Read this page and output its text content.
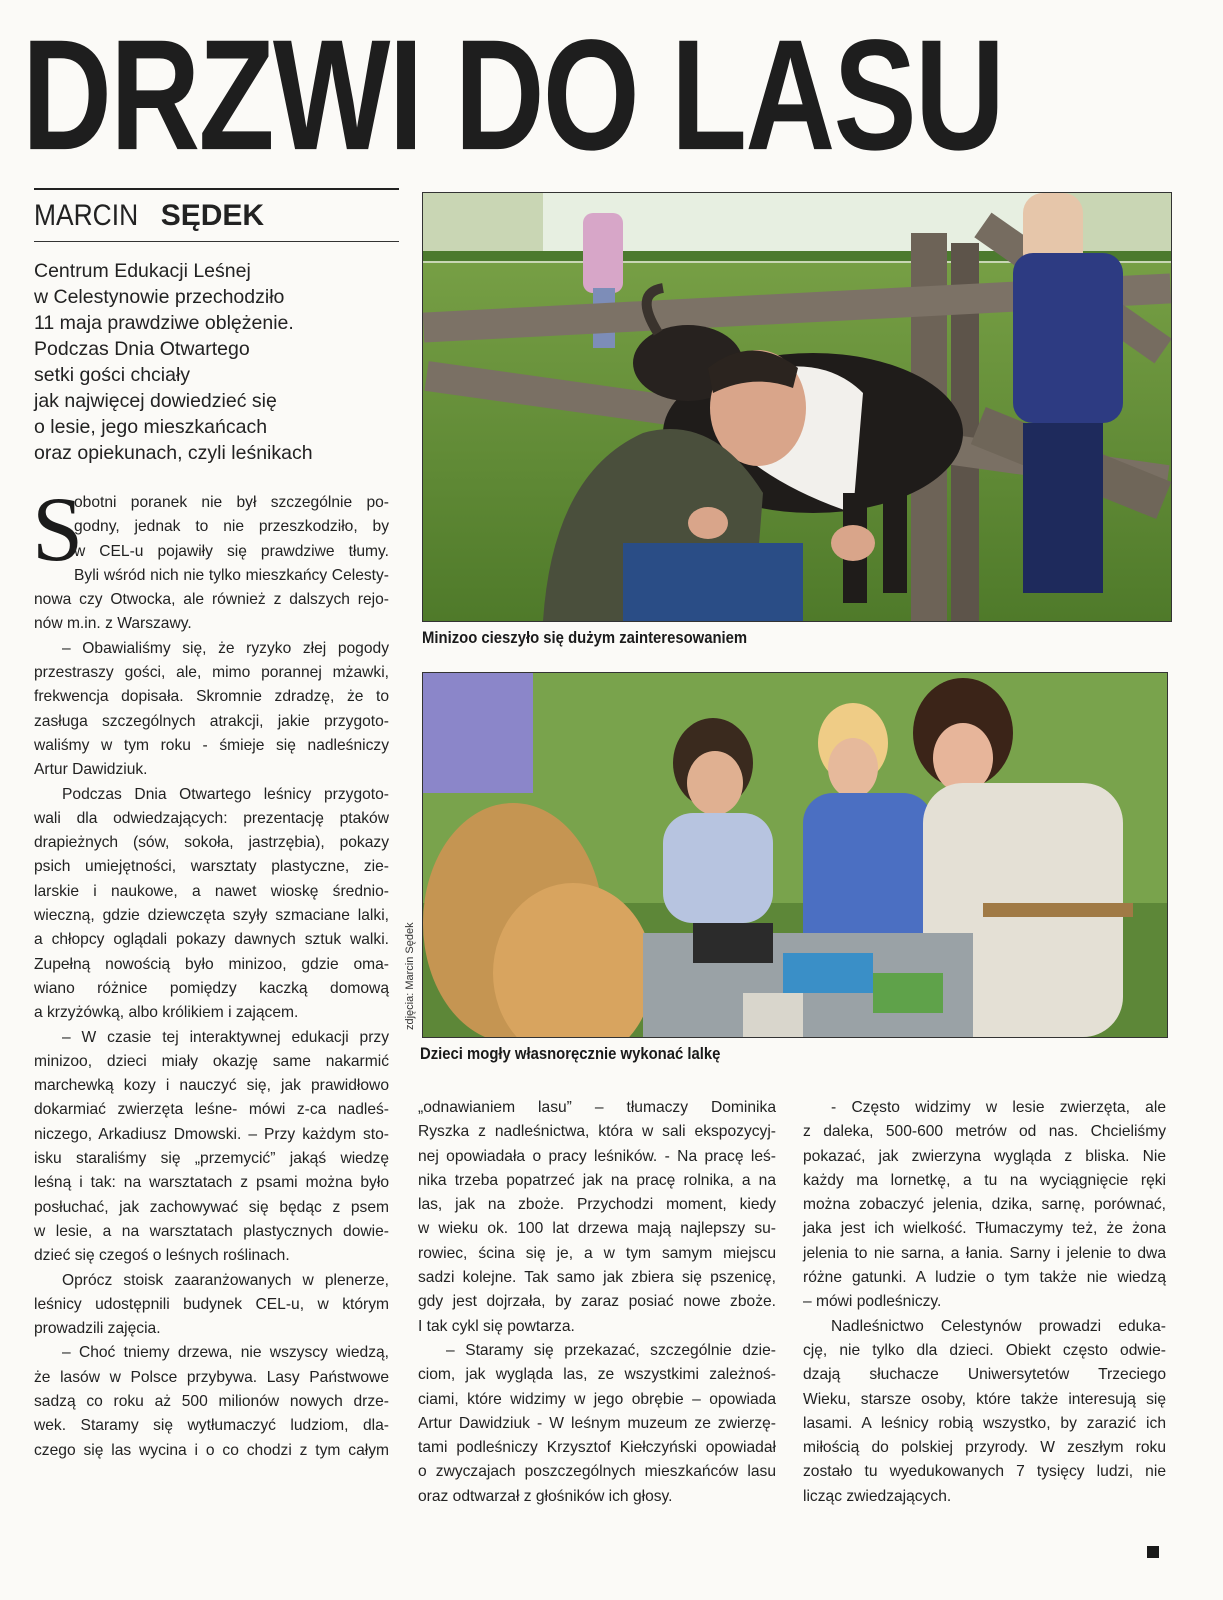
DRZWI DO LASU
MARCIN SĘDEK
Centrum Edukacji Leśnej
w Celestynowie przechodziło
11 maja prawdziwe oblężenie.
Podczas Dnia Otwartego
setki gości chciały
jak najwięcej dowiedzieć się
o lesie, jego mieszkańcach
oraz opiekunach, czyli leśnikach
S
obotni poranek nie był szczególnie po-
godny, jednak to nie przeszkodziło, by
w CEL-u pojawiły się prawdziwe tłumy.
Byli wśród nich nie tylko mieszkańcy Celesty-
nowa czy Otwocka, ale również z dalszych rejo-
nów m.in. z Warszawy.
– Obawialiśmy się, że ryzyko złej pogody
przestraszy gości, ale, mimo porannej mżawki,
frekwencja dopisała. Skromnie zdradzę, że to
zasługa szczególnych atrakcji, jakie przygoto-
waliśmy w tym roku - śmieje się nadleśniczy
Artur Dawidziuk.
Podczas Dnia Otwartego leśnicy przygoto-
wali dla odwiedzających: prezentację ptaków
drapieżnych (sów, sokoła, jastrzębia), pokazy
psich umiejętności, warsztaty plastyczne, zie-
larskie i naukowe, a nawet wioskę średnio-
wieczną, gdzie dziewczęta szyły szmaciane lalki,
a chłopcy oglądali pokazy dawnych sztuk walki.
Zupełną nowością było minizoo, gdzie oma-
wiano różnice pomiędzy kaczką domową
a krzyżówką, albo królikiem i zającem.
– W czasie tej interaktywnej edukacji przy
minizoo, dzieci miały okazję same nakarmić
marchewką kozy i nauczyć się, jak prawidłowo
dokarmiać zwierzęta leśne- mówi z-ca nadleś-
niczego, Arkadiusz Dmowski. – Przy każdym sto-
isku staraliśmy się „przemycić” jakąś wiedzę
leśną i tak: na warsztatach z psami można było
posłuchać, jak zachowywać się będąc z psem
w lesie, a na warsztatach plastycznych dowie-
dzieć się czegoś o leśnych roślinach.
Oprócz stoisk zaaranżowanych w plenerze,
leśnicy udostępnili budynek CEL-u, w którym
prowadzili zajęcia.
– Choć tniemy drzewa, nie wszyscy wiedzą,
że lasów w Polsce przybywa. Lasy Państwowe
sadzą co roku aż 500 milionów nowych drze-
wek. Staramy się wytłumaczyć ludziom, dla-
czego się las wycina i o co chodzi z tym całym
„odnawianiem lasu” – tłumaczy Dominika
Ryszka z nadleśnictwa, która w sali ekspozycyj-
nej opowiadała o pracy leśników. - Na pracę leś-
nika trzeba popatrzeć jak na pracę rolnika, a na
las, jak na zboże. Przychodzi moment, kiedy
w wieku ok. 100 lat drzewa mają najlepszy su-
rowiec, ścina się je, a w tym samym miejscu
sadzi kolejne. Tak samo jak zbiera się pszenicę,
gdy jest dojrzała, by zaraz posiać nowe zboże.
I tak cykl się powtarza.
– Staramy się przekazać, szczególnie dzie-
ciom, jak wygląda las, ze wszystkimi zależnoś-
ciami, które widzimy w jego obrębie – opowiada
Artur Dawidziuk - W leśnym muzeum ze zwierzę-
tami podleśniczy Krzysztof Kiełczyński opowiadał
o zwyczajach poszczególnych mieszkańców lasu
oraz odtwarzał z głośników ich głosy.
- Często widzimy w lesie zwierzęta, ale
z daleka, 500-600 metrów od nas. Chcieliśmy
pokazać, jak zwierzyna wygląda z bliska. Nie
każdy ma lornetkę, a tu na wyciągnięcie ręki
można zobaczyć jelenia, dzika, sarnę, porównać,
jaka jest ich wielkość. Tłumaczymy też, że żona
jelenia to nie sarna, a łania. Sarny i jelenie to dwa
różne gatunki. A ludzie o tym także nie wiedzą
– mówi podleśniczy.
Nadleśnictwo Celestynów prowadzi eduka-
cję, nie tylko dla dzieci. Obiekt często odwie-
dzają słuchacze Uniwersytetów Trzeciego
Wieku, starsze osoby, które także interesują się
lasami. A leśnicy robią wszystko, by zarazić ich
miłością do polskiej przyrody. W zeszłym roku
zostało tu wyedukowanych 7 tysięcy ludzi, nie
licząc zwiedzających.
Minizoo cieszyło się dużym zainteresowaniem
zdjęcia: Marcin Sędek
Dzieci mogły własnoręcznie wykonać lalkę
